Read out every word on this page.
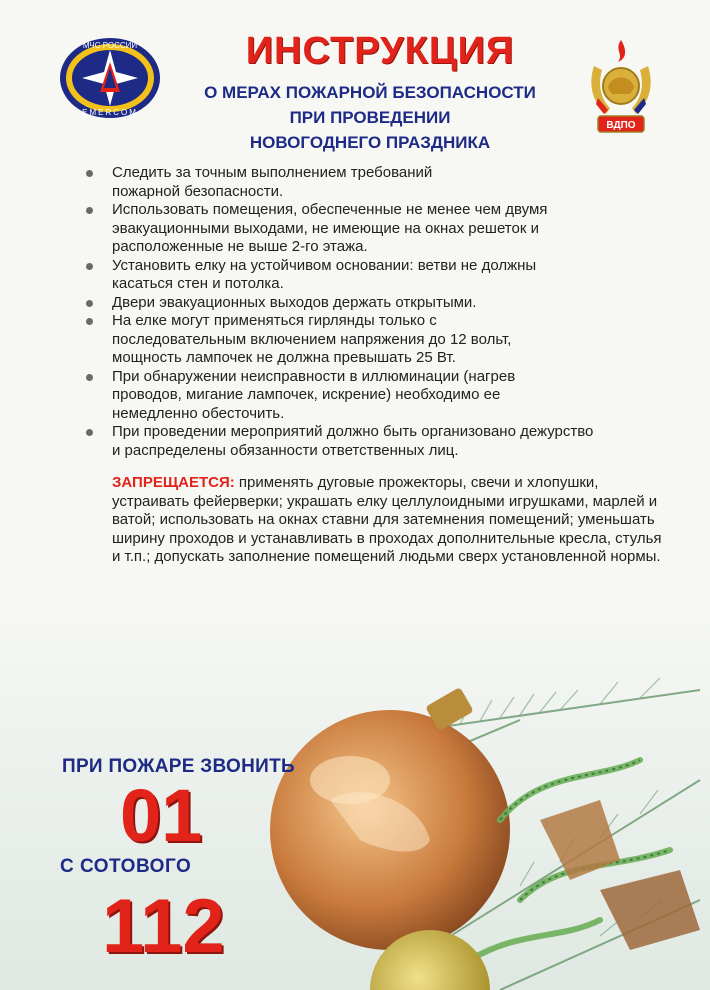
МЧС РОССИИ
EMERCOM
ВДПО
ИНСТРУКЦИЯ
О МЕРАХ ПОЖАРНОЙ БЕЗОПАСНОСТИ
ПРИ ПРОВЕДЕНИИ
НОВОГОДНЕГО ПРАЗДНИКА
Следить за точным выполнением требований пожарной безопасности.
Использовать помещения, обеспеченные не менее чем двумя эвакуационными выходами, не имеющие на окнах решеток и расположенные не выше 2-го этажа.
Установить елку на устойчивом основании: ветви не должны касаться стен и потолка.
Двери эвакуационных выходов держать открытыми.
На елке могут применяться гирлянды только с последовательным включением напряжения до 12 вольт, мощность лампочек не должна превышать 25 Вт.
При обнаружении неисправности в иллюминации (нагрев проводов, мигание лампочек, искрение) необходимо ее немедленно обесточить.
При проведении мероприятий должно быть организовано дежурство и распределены обязанности ответственных лиц.
ЗАПРЕЩАЕТСЯ: применять дуговые прожекторы, свечи и хлопушки, устраивать фейерверки; украшать елку целлулоидными игрушками, марлей и ватой; использовать на окнах ставни для затемнения помещений; уменьшать ширину проходов и устанавливать в проходах дополнительные кресла, стулья и т.п.; допускать заполнение помещений людьми сверх установленной нормы.
ПРИ ПОЖАРЕ ЗВОНИТЬ
01
С СОТОВОГО
112
